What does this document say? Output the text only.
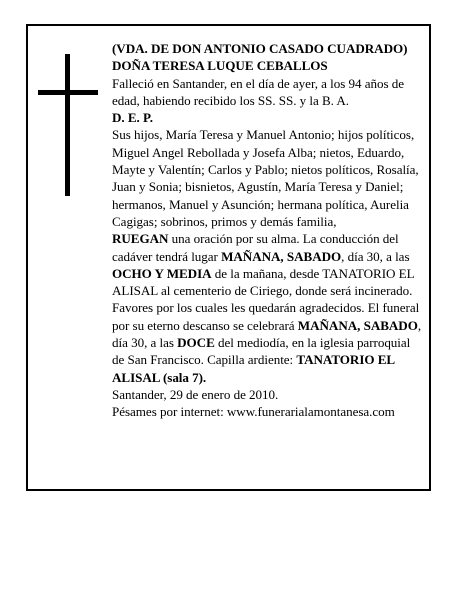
(VDA. DE DON ANTONIO CASADO CUADRADO)

DOÑA TERESA LUQUE CEBALLOS

Falleció en Santander, en el día de ayer, a los 94 años de edad, habiendo recibido los SS. SS. y la B. A.

D. E. P.

Sus hijos, María Teresa y Manuel Antonio; hijos políticos, Miguel Angel Rebollada y Josefa Alba; nietos, Eduardo, Mayte y Valentín; Carlos y Pablo; nietos políticos, Rosalía, Juan y Sonia; bisnietos, Agustín, María Teresa y Daniel; hermanos, Manuel y Asunción; hermana política, Aurelia Cagigas; sobrinos, primos y demás familia,

RUEGAN una oración por su alma. La conducción del cadáver tendrá lugar MAÑANA, SABADO, día 30, a las OCHO Y MEDIA de la mañana, desde TANATORIO EL ALISAL al cementerio de Ciriego, donde será incinerado. Favores por los cuales les quedarán agradecidos. El funeral por su eterno descanso se celebrará MAÑANA, SABADO, día 30, a las DOCE del mediodía, en la iglesia parroquial de San Francisco. Capilla ardiente: TANATORIO EL ALISAL (sala 7).

Santander, 29 de enero de 2010.

Pésames por internet: www.funerarialamontanesa.com
